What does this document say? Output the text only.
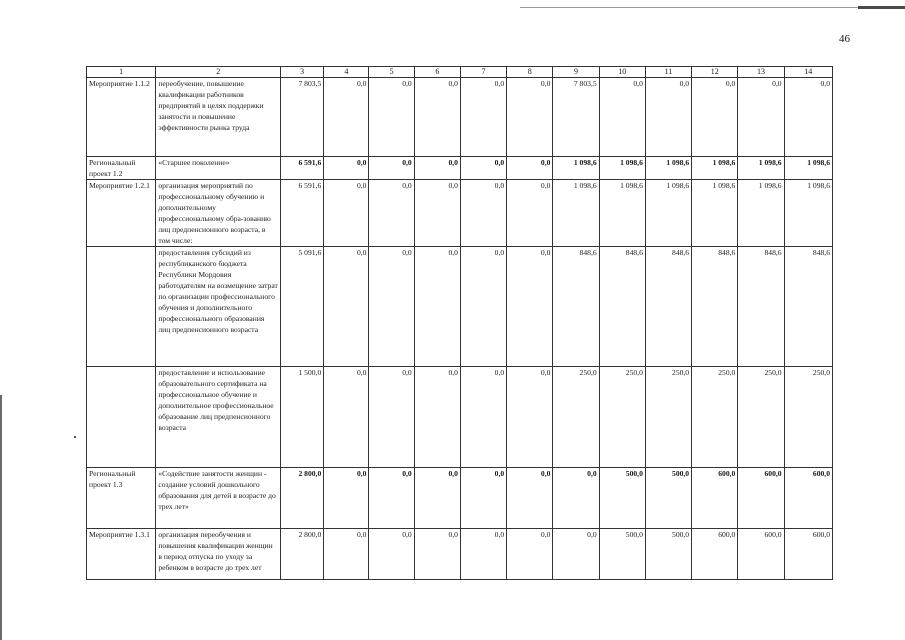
46
1	2	3	4	5	6	7	8	9	10	11	12	13	14
Мероприятие 1.1.2	переобучение, повышение квалификации работников предприятий в целях поддержки занятости и повышение эффективности рынка труда	7 803,5	0,0	0,0	0,0	0,0	0,0	7 803,5	0,0	0,0	0,0	0,0	0,0
Региональный проект 1.2	«Старшее поколение»	6 591,6	0,0	0,0	0,0	0,0	0,0	1 098,6	1 098,6	1 098,6	1 098,6	1 098,6	1 098,6
Мероприятие 1.2.1	организация мероприятий по профессиональному обучению и дополнительному профессиональному обра-зованию лиц предпенсионного возраста, в том числе:	6 591,6	0,0	0,0	0,0	0,0	0,0	1 098,6	1 098,6	1 098,6	1 098,6	1 098,6	1 098,6
	предоставления субсидий из республиканского бюджета Республики Мордовия работодателям на возмещение затрат по организации профессионального обучения и дополнительного профессионального образования лиц предпенсионного возраста	5 091,6	0,0	0,0	0,0	0,0	0,0	848,6	848,6	848,6	848,6	848,6	848,6
	предоставление и использование образовательного сертификата на профессиональное обучение и дополнительное профессиональное образование лиц предпенсионного возраста	1 500,0	0,0	0,0	0,0	0,0	0,0	250,0	250,0	250,0	250,0	250,0	250,0
Региональный проект 1.3	«Содействие занятости женщин - создание условий дошкольного образования для детей в возрасте до трех лет»	2 800,0	0,0	0,0	0,0	0,0	0,0	0,0	500,0	500,0	600,0	600,0	600,0
Мероприятие 1.3.1	организация переобучения и повышения квалификации женщин в период отпуска по уходу за ребенком в возрасте до трех лет	2 800,0	0,0	0,0	0,0	0,0	0,0	0,0	500,0	500,0	600,0	600,0	600,0
